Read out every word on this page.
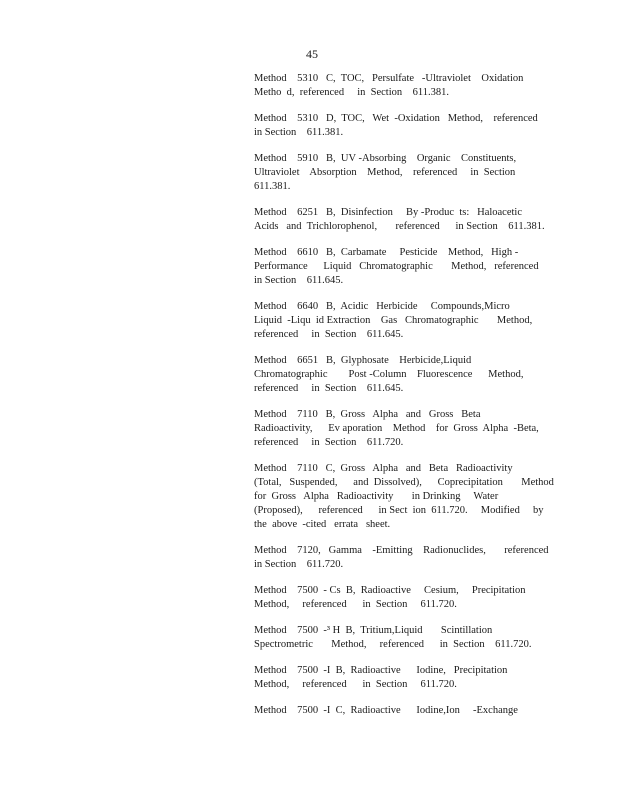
45

Method    5310   C,  TOC,   Persulfate   -Ultraviolet    Oxidation
Metho  d,  referenced     in  Section    611.381.

Method    5310   D,  TOC,   Wet  -Oxidation   Method,    referenced
in Section    611.381.

Method    5910   B,  UV -Absorbing    Organic    Constituents,
Ultraviolet    Absorption    Method,    referenced     in  Section
611.381.

Method    6251   B,  Disinfection     By -Produc  ts:   Haloacetic
Acids   and  Trichlorophenol,       referenced      in Section    611.381.

Method    6610   B,  Carbamate     Pesticide    Method,   High -
Performance      Liquid   Chromatographic       Method,   referenced
in Section    611.645.

Method    6640   B,  Acidic   Herbicide     Compounds,Micro
Liquid  -Liqu  id Extraction    Gas   Chromatographic       Method,
referenced     in  Section    611.645.

Method    6651   B,  Glyphosate    Herbicide,Liquid
Chromatographic        Post -Column    Fluorescence      Method,
referenced     in  Section    611.645.

Method    7110   B,  Gross   Alpha   and   Gross   Beta
Radioactivity,      Ev aporation    Method    for  Gross  Alpha  -Beta,
referenced     in  Section    611.720.

Method    7110   C,  Gross   Alpha   and   Beta   Radioactivity
(Total,   Suspended,      and  Dissolved),      Coprecipitation       Method
for  Gross   Alpha   Radioactivity       in Drinking     Water
(Proposed),      referenced      in Sect  ion  611.720.     Modified     by
the  above  -cited   errata   sheet.

Method    7120,   Gamma    -Emitting    Radionuclides,       referenced
in Section    611.720.

Method    7500  - Cs  B,  Radioactive     Cesium,     Precipitation
Method,     referenced      in  Section     611.720.

Method    7500  -³ H  B,  Tritium,Liquid       Scintillation
Spectrometric       Method,     referenced      in  Section    611.720.

Method    7500  -I  B,  Radioactive      Iodine,   Precipitation
Method,     referenced      in  Section     611.720.

Method    7500  -I  C,  Radioactive      Iodine,Ion     -Exchange
